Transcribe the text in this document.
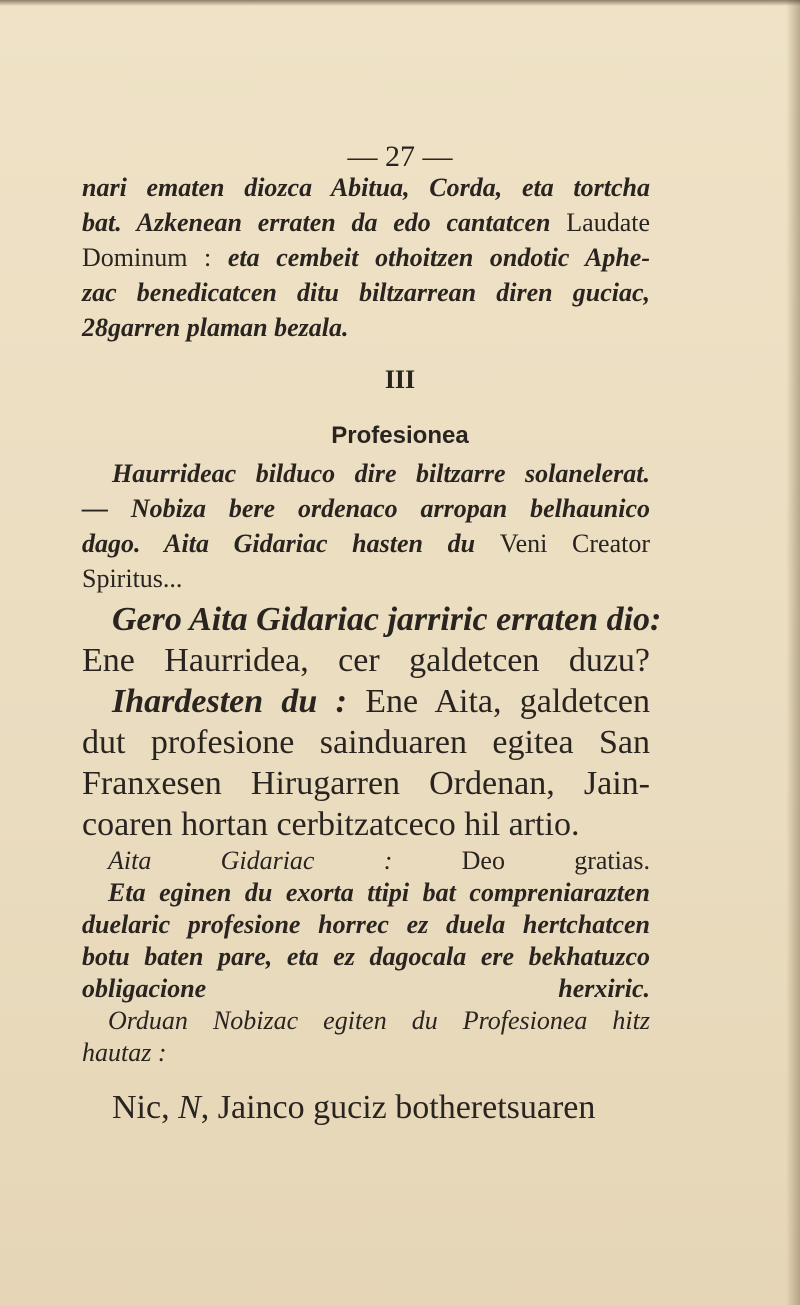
— 27 —
nari ematen diozca Abitua, Corda, eta tortcha
bat. Azkenean erraten da edo cantatcen Laudate
Dominum : eta cembeit othoitzen ondotic Aphe-
zac benedicatcen ditu biltzarrean diren guciac,
28garren plaman bezala.
III
Profesionea
Haurrideac bilduco dire biltzarre solanelerat.
— Nobiza bere ordenaco arropan belhaunico
dago. Aita Gidariac hasten du Veni Creator
Spiritus...
Gero Aita Gidariac jarriric erraten dio:
Ene Haurridea, cer galdetcen duzu?
Ihardesten du : Ene Aita, galdetcen
dut profesione sainduaren egitea San
Franxesen Hirugarren Ordenan, Jain-
coaren hortan cerbitzatceco hil artio.
Aita Gidariac : Deo gratias.
Eta eginen du exorta ttipi bat compreniarazten
duelaric profesione horrec ez duela hertchatcen
botu baten pare, eta ez dagocala ere bekhatuzco
obligacione herxiric.
Orduan Nobizac egiten du Profesionea hitz
hautaz :
Nic, N, Jainco guciz botheretsuaren
